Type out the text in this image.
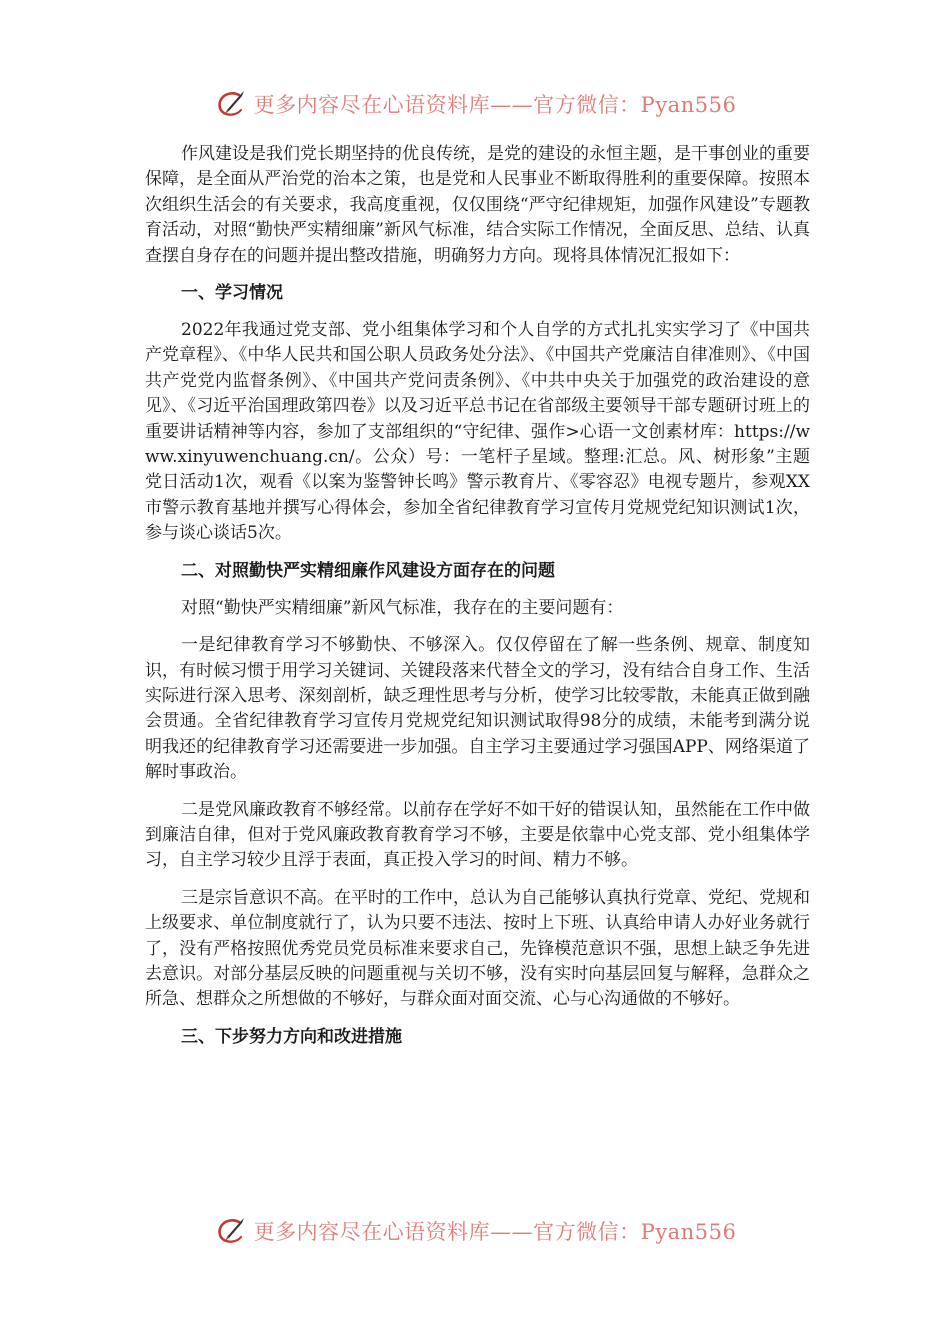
更多内容尽在心语资料库——官方微信：Pyan556

作风建设是我们党长期坚持的优良传统，是党的建设的永恒主题，是干事创业的重要保障，是全面从严治党的治本之策，也是党和人民事业不断取得胜利的重要保障。按照本次组织生活会的有关要求，我高度重视，仅仅围绕“严守纪律规矩，加强作风建设”专题教育活动，对照“勤快严实精细廉”新风气标准，结合实际工作情况，全面反思、总结、认真查摆自身存在的问题并提出整改措施，明确努力方向。现将具体情况汇报如下：

一、学习情况

2022年我通过党支部、党小组集体学习和个人自学的方式扎扎实实学习了《中国共产党章程》、《中华人民共和国公职人员政务处分法》、《中国共产党廉洁自律准则》、《中国共产党党内监督条例》、《中国共产党问责条例》、《中共中央关于加强党的政治建设的意见》、《习近平治国理政第四卷》以及习近平总书记在省部级主要领导干部专题研讨班上的重要讲话精神等内容，参加了支部组织的“守纪律、强作>心语一文创素材库：https://www.xinyuwenchuang.cn/。公众）号：一笔杆子星域。整理:汇总。风、树形象”主题党日活动1次，观看《以案为鉴警钟长鸣》警示教育片、《零容忍》电视专题片，参观XX市警示教育基地并撰写心得体会，参加全省纪律教育学习宣传月党规党纪知识测试1次，参与谈心谈话5次。

二、对照勤快严实精细廉作风建设方面存在的问题

对照“勤快严实精细廉”新风气标准，我存在的主要问题有：

一是纪律教育学习不够勤快、不够深入。仅仅停留在了解一些条例、规章、制度知识，有时候习惯于用学习关键词、关键段落来代替全文的学习，没有结合自身工作、生活实际进行深入思考、深刻剖析，缺乏理性思考与分析，使学习比较零散，未能真正做到融会贯通。全省纪律教育学习宣传月党规党纪知识测试取得98分的成绩，未能考到满分说明我还的纪律教育学习还需要进一步加强。自主学习主要通过学习强国APP、网络渠道了解时事政治。

二是党风廉政教育不够经常。以前存在学好不如干好的错误认知，虽然能在工作中做到廉洁自律，但对于党风廉政教育教育学习不够，主要是依靠中心党支部、党小组集体学习，自主学习较少且浮于表面，真正投入学习的时间、精力不够。

三是宗旨意识不高。在平时的工作中，总认为自己能够认真执行党章、党纪、党规和上级要求、单位制度就行了，认为只要不违法、按时上下班、认真给申请人办好业务就行了，没有严格按照优秀党员党员标准来要求自己，先锋模范意识不强，思想上缺乏争先进去意识。对部分基层反映的问题重视与关切不够，没有实时向基层回复与解释，急群众之所急、想群众之所想做的不够好，与群众面对面交流、心与心沟通做的不够好。

三、下步努力方向和改进措施
更多内容尽在心语资料库——官方微信：Pyan556
